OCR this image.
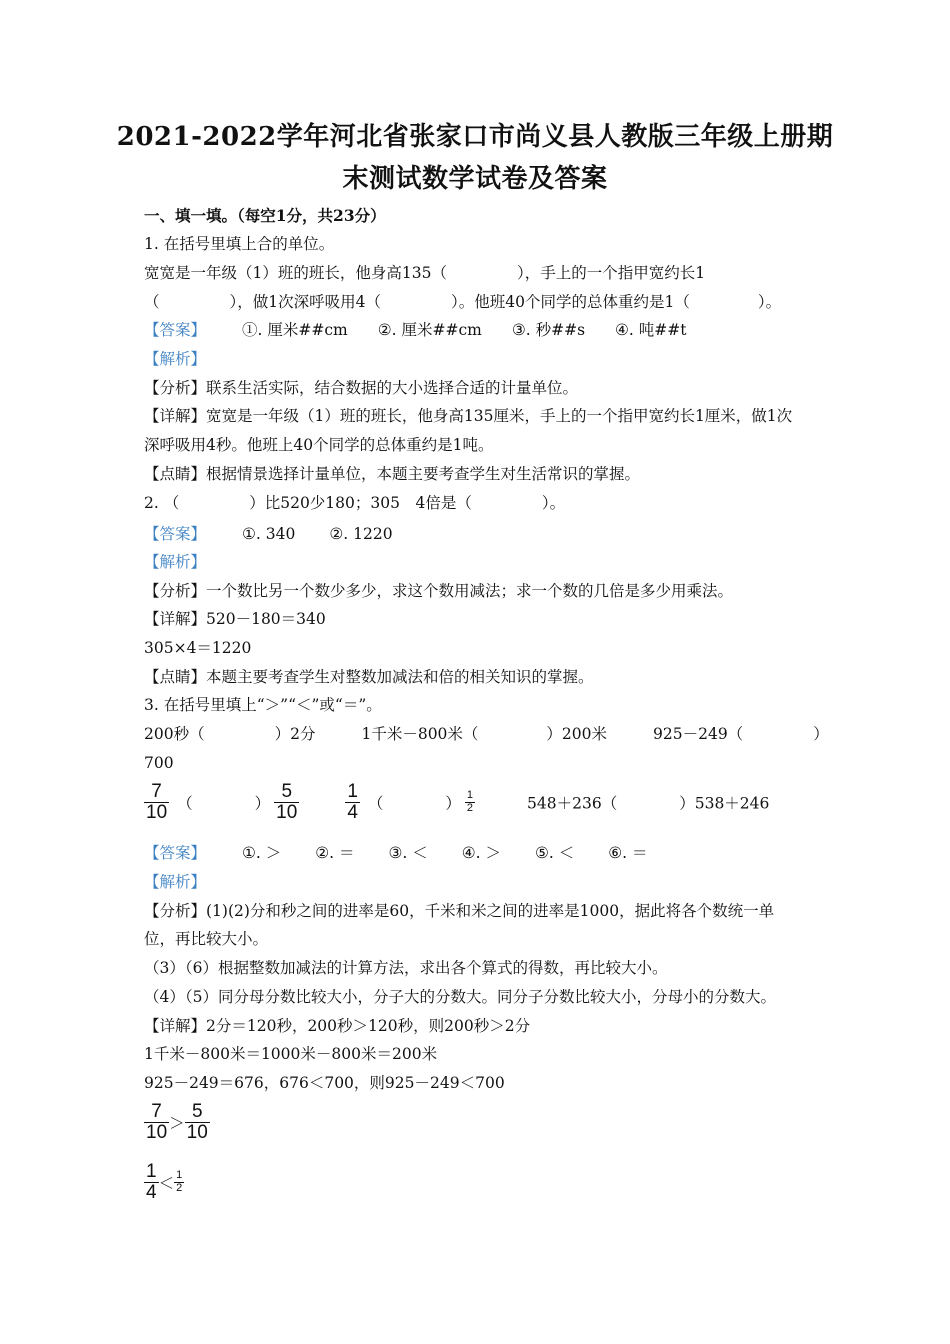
2021-2022学年河北省张家口市尚义县人教版三年级上册期
末测试数学试卷及答案
一、填一填。（每空1分，共23分）
1. 在括号里填上合的单位。
宽宽是一年级（1）班的班长，他身高135（	），手上的一个指甲宽约长1
（	），做1次深呼吸用4（	）。他班40个同学的总体重约是1（	）。
【答案】 ①. 厘米##cm ②. 厘米##cm ③. 秒##s ④. 吨##t
【解析】
【分析】联系生活实际，结合数据的大小选择合适的计量单位。
【详解】宽宽是一年级（1）班的班长，他身高135厘米，手上的一个指甲宽约长1厘米，做1次
深呼吸用4秒。他班上40个同学的总体重约是1吨。
【点睛】根据情景选择计量单位，本题主要考查学生对生活常识的掌握。
2. （	）比520少180；305　4倍是（	）。
【答案】 ①. 340 ②. 1220
【解析】
【分析】一个数比另一个数少多少，求这个数用减法；求一个数的几倍是多少用乘法。
【详解】520－180＝340
305×4＝1220
【点睛】本题主要考查学生对整数加减法和倍的相关知识的掌握。
3. 在括号里填上“＞”“＜”或“＝”。
200秒（	）2分	1千米－800米（	）200米	925－249（	）
700
$\frac{7}{10}$ （	） $\frac{5}{10} \frac{1}{4}$ （	） $\frac{1}{2}$	548＋236（	）538＋246
【答案】 ①. ＞ ②. ＝ ③. ＜ ④. ＞ ⑤. ＜ ⑥. ＝
【解析】
【分析】(1)(2)分和秒之间的进率是60，千米和米之间的进率是1000，据此将各个数统一单
位，再比较大小。
（3）（6）根据整数加减法的计算方法，求出各个算式的得数，再比较大小。
（4）（5）同分母分数比较大小，分子大的分数大。同分子分数比较大小，分母小的分数大。
【详解】2分＝120秒，200秒＞120秒，则200秒＞2分
1千米－800米＝1000米－800米＝200米
925－249＝676，676＜700，则925－249＜700
$\frac{7}{10} > \frac{5}{10}$
$\frac{1}{4} < \frac{1}{2}$
